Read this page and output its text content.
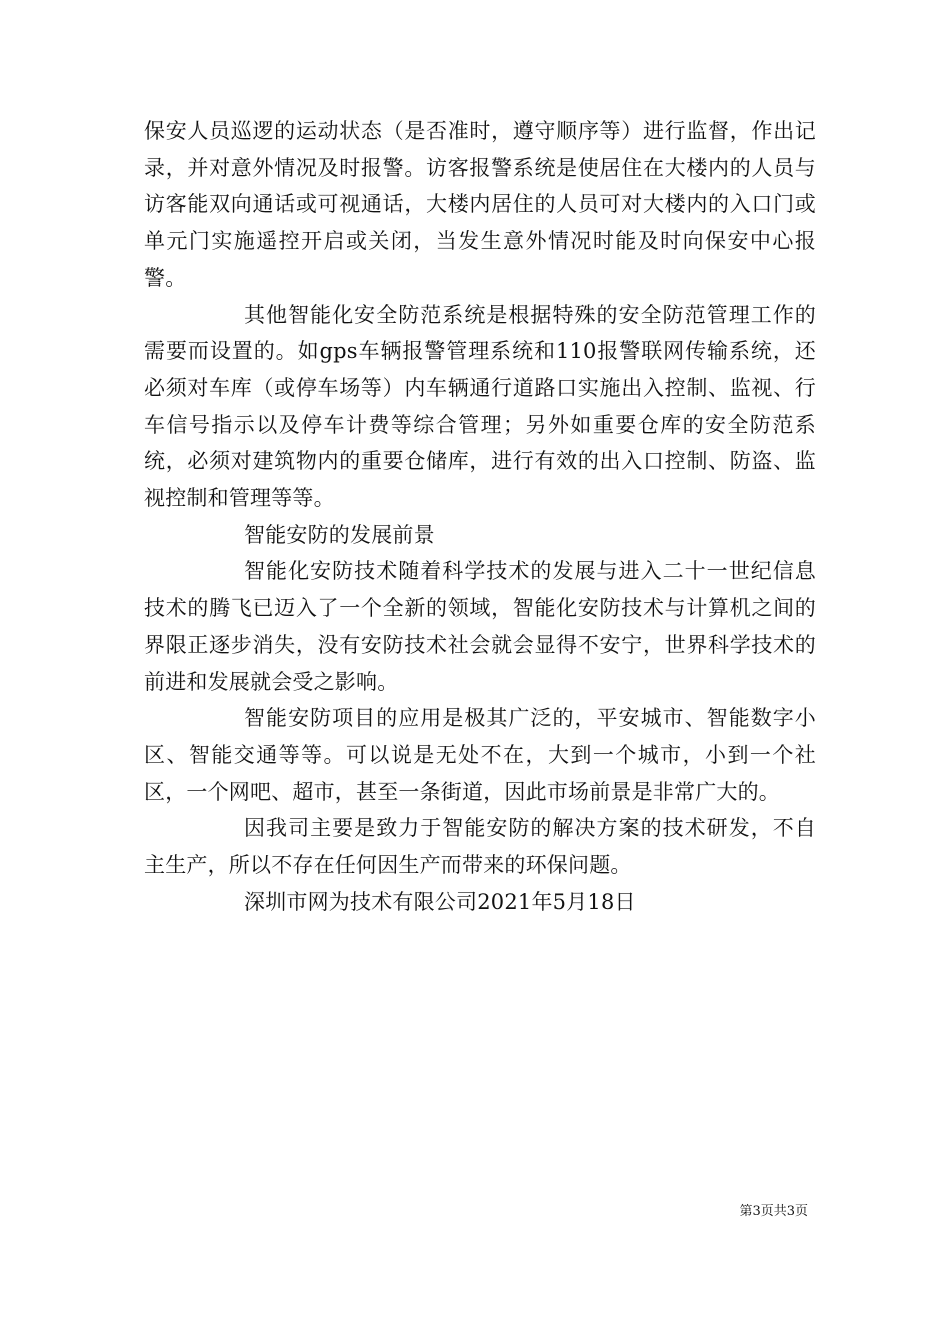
保安人员巡逻的运动状态（是否准时，遵守顺序等）进行监督，作出记录，并对意外情况及时报警。访客报警系统是使居住在大楼内的人员与访客能双向通话或可视通话，大楼内居住的人员可对大楼内的入口门或单元门实施遥控开启或关闭，当发生意外情况时能及时向保安中心报警。

其他智能化安全防范系统是根据特殊的安全防范管理工作的需要而设置的。如gps车辆报警管理系统和110报警联网传输系统，还必须对车库（或停车场等）内车辆通行道路口实施出入控制、监视、行车信号指示以及停车计费等综合管理；另外如重要仓库的安全防范系统，必须对建筑物内的重要仓储库，进行有效的出入口控制、防盗、监视控制和管理等等。

智能安防的发展前景

智能化安防技术随着科学技术的发展与进入二十一世纪信息技术的腾飞已迈入了一个全新的领域，智能化安防技术与计算机之间的界限正逐步消失，没有安防技术社会就会显得不安宁，世界科学技术的前进和发展就会受之影响。

智能安防项目的应用是极其广泛的，平安城市、智能数字小区、智能交通等等。可以说是无处不在，大到一个城市，小到一个社区，一个网吧、超市，甚至一条街道，因此市场前景是非常广大的。

因我司主要是致力于智能安防的解决方案的技术研发，不自主生产，所以不存在任何因生产而带来的环保问题。

深圳市网为技术有限公司2021年5月18日

第3页共3页
